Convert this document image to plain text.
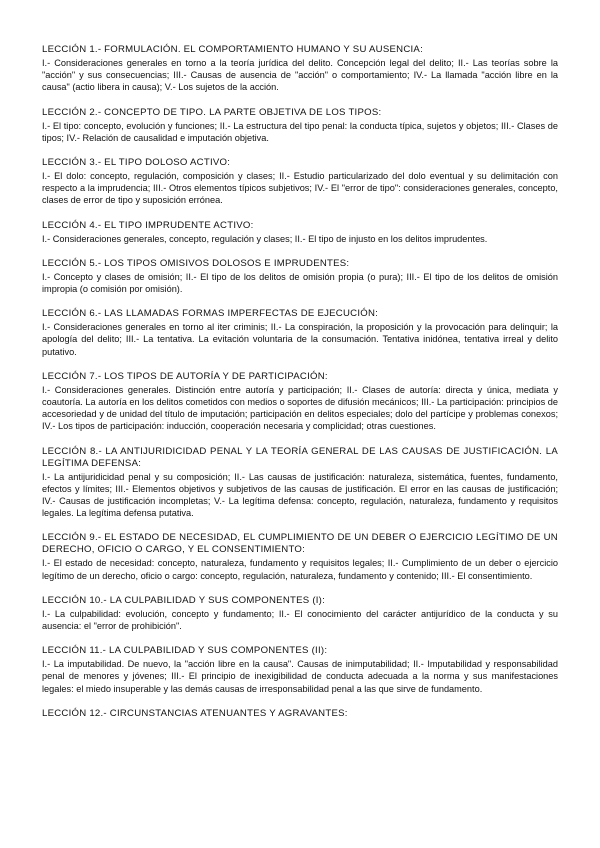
LECCIÓN 1.- FORMULACIÓN. EL COMPORTAMIENTO HUMANO Y SU AUSENCIA:

I.- Consideraciones generales en torno a la teoría jurídica del delito. Concepción legal del delito; II.- Las teorías sobre la "acción" y sus consecuencias; III.- Causas de ausencia de "acción" o comportamiento; IV.- La llamada "acción libre en la causa" (actio libera in causa); V.- Los sujetos de la acción.

LECCIÓN 2.- CONCEPTO DE TIPO. LA PARTE OBJETIVA DE LOS TIPOS:

I.- El tipo: concepto, evolución y funciones; II.- La estructura del tipo penal: la conducta típica, sujetos y objetos; III.- Clases de tipos; IV.- Relación de causalidad e imputación objetiva.

LECCIÓN 3.- EL TIPO DOLOSO ACTIVO:

I.- El dolo: concepto, regulación, composición y clases; II.- Estudio particularizado del dolo eventual y su delimitación con respecto a la imprudencia; III.- Otros elementos típicos subjetivos; IV.- El "error de tipo": consideraciones generales, concepto, clases de error de tipo y suposición errónea.

LECCIÓN 4.- EL TIPO IMPRUDENTE ACTIVO:

I.- Consideraciones generales, concepto, regulación y clases; II.- El tipo de injusto en los delitos imprudentes.

LECCIÓN 5.- LOS TIPOS OMISIVOS DOLOSOS E IMPRUDENTES:

I.- Concepto y clases de omisión; II.- El tipo de los delitos de omisión propia (o pura); III.- El tipo de los delitos de omisión impropia (o comisión por omisión).

LECCIÓN 6.- LAS LLAMADAS FORMAS IMPERFECTAS DE EJECUCIÓN:

I.- Consideraciones generales en torno al iter criminis; II.- La conspiración, la proposición y la provocación para delinquir; la apología del delito; III.- La tentativa. La evitación voluntaria de la consumación. Tentativa inidónea, tentativa irreal y delito putativo.

LECCIÓN 7.- LOS TIPOS DE AUTORÍA Y DE PARTICIPACIÓN:

I.- Consideraciones generales. Distinción entre autoría y participación; II.- Clases de autoría: directa y única, mediata y coautoría. La autoría en los delitos cometidos con medios o soportes de difusión mecánicos; III.- La participación: principios de accesoriedad y de unidad del título de imputación; participación en delitos especiales; dolo del partícipe y problemas conexos; IV.- Los tipos de participación: inducción, cooperación necesaria y complicidad; otras cuestiones.

LECCIÓN 8.- LA ANTIJURIDICIDAD PENAL Y LA TEORÍA GENERAL DE LAS CAUSAS DE JUSTIFICACIÓN. LA LEGÍTIMA DEFENSA:

I.- La antijuridicidad penal y su composición; II.- Las causas de justificación: naturaleza, sistemática, fuentes, fundamento, efectos y límites; III.- Elementos objetivos y subjetivos de las causas de justificación. El error en las causas de justificación; IV.- Causas de justificación incompletas; V.- La legítima defensa: concepto, regulación, naturaleza, fundamento y requisitos legales. La legítima defensa putativa.

LECCIÓN 9.- EL ESTADO DE NECESIDAD, EL CUMPLIMIENTO DE UN DEBER O EJERCICIO LEGÍTIMO DE UN DERECHO, OFICIO O CARGO, Y EL CONSENTIMIENTO:

I.- El estado de necesidad: concepto, naturaleza, fundamento y requisitos legales; II.- Cumplimiento de un deber o ejercicio legítimo de un derecho, oficio o cargo: concepto, regulación, naturaleza, fundamento y contenido; III.- El consentimiento.

LECCIÓN 10.- LA CULPABILIDAD Y SUS COMPONENTES (I):

I.- La culpabilidad: evolución, concepto y fundamento; II.- El conocimiento del carácter antijurídico de la conducta y su ausencia: el "error de prohibición".

LECCIÓN 11.- LA CULPABILIDAD Y SUS COMPONENTES (II):

I.- La imputabilidad. De nuevo, la "acción libre en la causa". Causas de inimputabilidad; II.- Imputabilidad y responsabilidad penal de menores y jóvenes; III.- El principio de inexigibilidad de conducta adecuada a la norma y sus manifestaciones legales: el miedo insuperable y las demás causas de irresponsabilidad penal a las que sirve de fundamento.

LECCIÓN 12.- CIRCUNSTANCIAS ATENUANTES Y AGRAVANTES:
